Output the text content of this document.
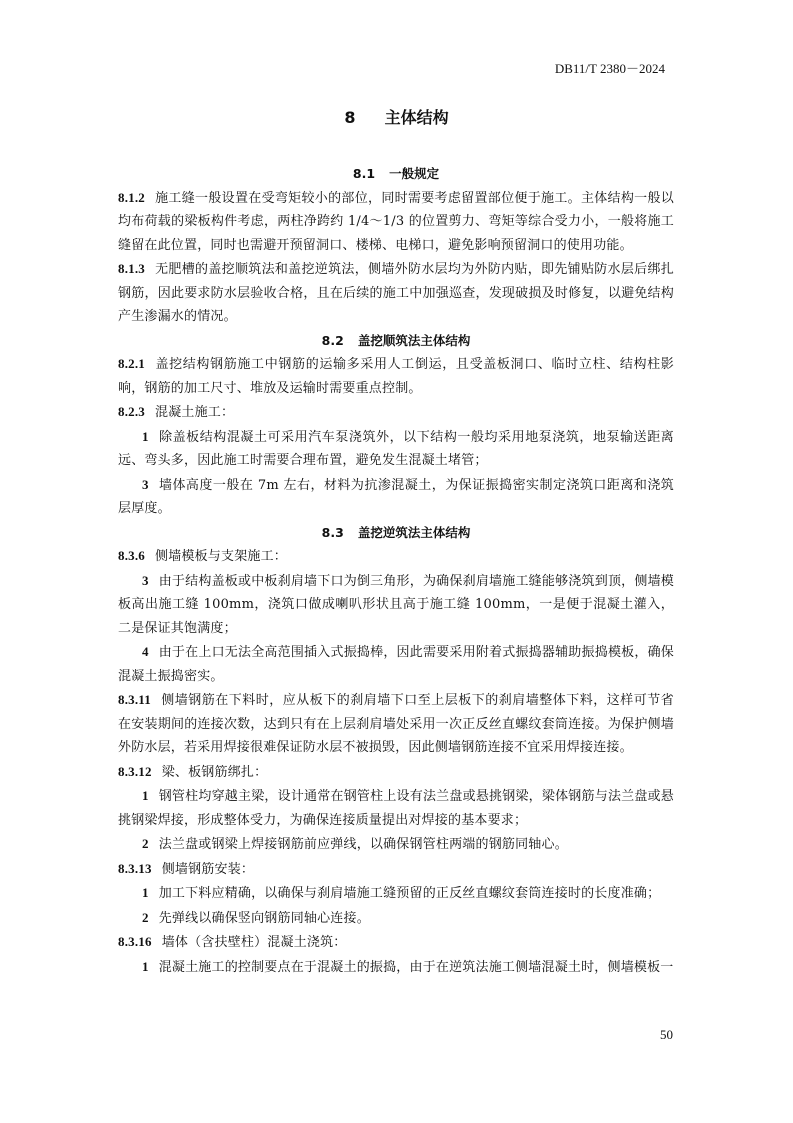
DB11/T 2380－2024
8 主体结构

8.1 一般规定

8.1.2 施工缝一般设置在受弯矩较小的部位，同时需要考虑留置部位便于施工。主体结构一般以均布荷载的梁板构件考虑，两柱净跨约 1/4～1/3 的位置剪力、弯矩等综合受力小，一般将施工缝留在此位置，同时也需避开预留洞口、楼梯、电梯口，避免影响预留洞口的使用功能。

8.1.3 无肥槽的盖挖顺筑法和盖挖逆筑法，侧墙外防水层均为外防内贴，即先铺贴防水层后绑扎钢筋，因此要求防水层验收合格，且在后续的施工中加强巡查，发现破损及时修复，以避免结构产生渗漏水的情况。

8.2 盖挖顺筑法主体结构

8.2.1 盖挖结构钢筋施工中钢筋的运输多采用人工倒运，且受盖板洞口、临时立柱、结构柱影响，钢筋的加工尺寸、堆放及运输时需要重点控制。

8.2.3 混凝土施工：

1 除盖板结构混凝土可采用汽车泵浇筑外，以下结构一般均采用地泵浇筑，地泵输送距离远、弯头多，因此施工时需要合理布置，避免发生混凝土堵管；

3 墙体高度一般在 7m 左右，材料为抗渗混凝土，为保证振捣密实制定浇筑口距离和浇筑层厚度。

8.3 盖挖逆筑法主体结构

8.3.6 侧墙模板与支架施工：

3 由于结构盖板或中板刹肩墙下口为倒三角形，为确保刹肩墙施工缝能够浇筑到顶，侧墙模板高出施工缝 100mm，浇筑口做成喇叭形状且高于施工缝 100mm，一是便于混凝土灌入，二是保证其饱满度；

4 由于在上口无法全高范围插入式振捣棒，因此需要采用附着式振捣器辅助振捣模板，确保混凝土振捣密实。

8.3.11 侧墙钢筋在下料时，应从板下的刹肩墙下口至上层板下的刹肩墙整体下料，这样可节省在安装期间的连接次数，达到只有在上层刹肩墙处采用一次正反丝直螺纹套筒连接。为保护侧墙外防水层，若采用焊接很难保证防水层不被损毁，因此侧墙钢筋连接不宜采用焊接连接。

8.3.12 梁、板钢筋绑扎：

1 钢管柱均穿越主梁，设计通常在钢管柱上设有法兰盘或悬挑钢梁，梁体钢筋与法兰盘或悬挑钢梁焊接，形成整体受力，为确保连接质量提出对焊接的基本要求；

2 法兰盘或钢梁上焊接钢筋前应弹线，以确保钢管柱两端的钢筋同轴心。

8.3.13 侧墙钢筋安装：

1 加工下料应精确，以确保与刹肩墙施工缝预留的正反丝直螺纹套筒连接时的长度准确；

2 先弹线以确保竖向钢筋同轴心连接。

8.3.16 墙体（含扶壁柱）混凝土浇筑：

1 混凝土施工的控制要点在于混凝土的振捣，由于在逆筑法施工侧墙混凝土时，侧墙模板一

50
